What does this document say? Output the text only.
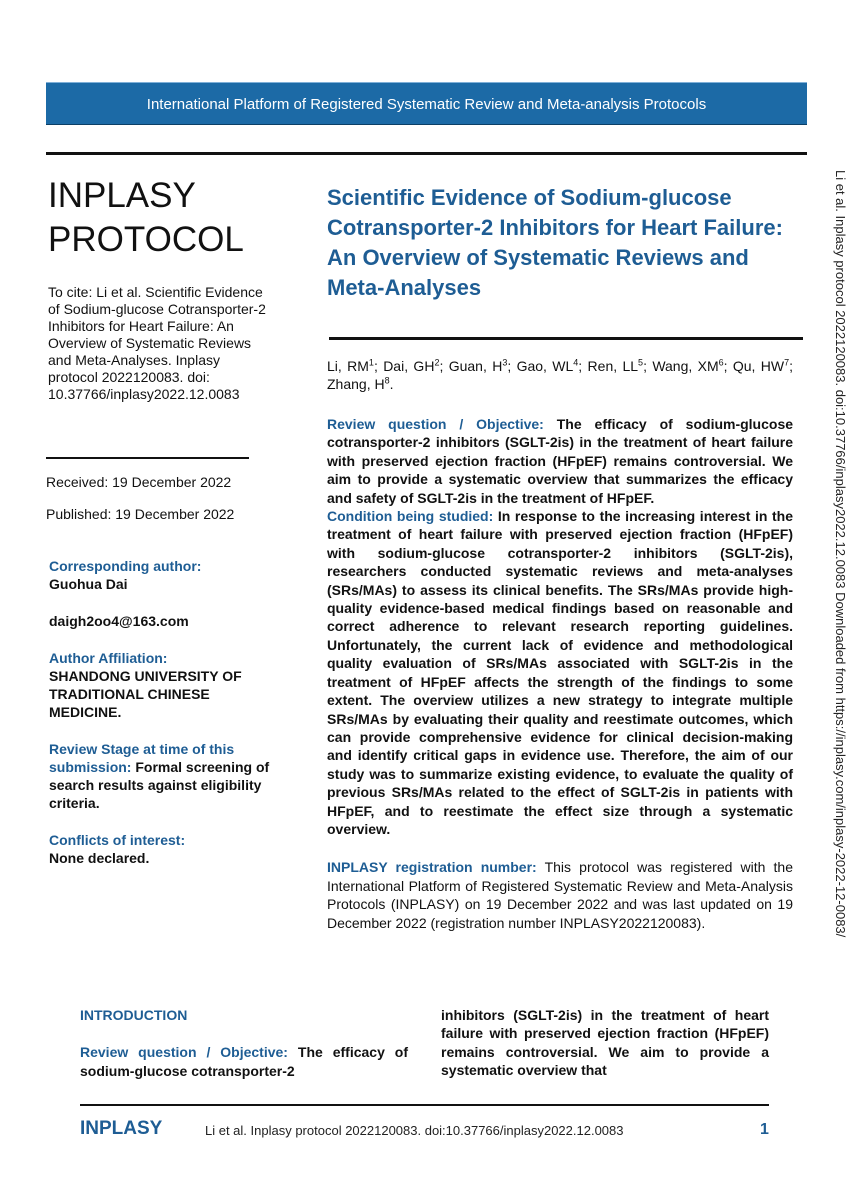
International Platform of Registered Systematic Review and Meta-analysis Protocols
INPLASY
PROTOCOL
To cite: Li et al. Scientific Evidence of Sodium-glucose Cotransporter-2 Inhibitors for Heart Failure: An Overview of Systematic Reviews and Meta-Analyses. Inplasy protocol 2022120083. doi: 10.37766/inplasy2022.12.0083
Received: 19 December 2022
Published: 19 December 2022
Corresponding author:
Guohua Dai
daigh2oo4@163.com
Author Affiliation:
SHANDONG UNIVERSITY OF TRADITIONAL CHINESE MEDICINE.
Review Stage at time of this submission: Formal screening of search results against eligibility criteria.
Conflicts of interest:
None declared.
Scientific Evidence of Sodium-glucose Cotransporter-2 Inhibitors for Heart Failure: An Overview of Systematic Reviews and Meta-Analyses
Li, $RM^1$; Dai, $GH^2$; Guan, $H^3$; Gao, $WL^4$; Ren, $LL^5$; Wang, $XM^6$; Qu, $HW^7$; Zhang, $H^8$.
Review question / Objective: The efficacy of sodium-glucose cotransporter-2 inhibitors (SGLT-2is) in the treatment of heart failure with preserved ejection fraction (HFpEF) remains controversial. We aim to provide a systematic overview that summarizes the efficacy and safety of SGLT-2is in the treatment of HFpEF.
Condition being studied: In response to the increasing interest in the treatment of heart failure with preserved ejection fraction (HFpEF) with sodium-glucose cotransporter-2 inhibitors (SGLT-2is), researchers conducted systematic reviews and meta-analyses (SRs/MAs) to assess its clinical benefits. The SRs/MAs provide high-quality evidence-based medical findings based on reasonable and correct adherence to relevant research reporting guidelines. Unfortunately, the current lack of evidence and methodological quality evaluation of SRs/MAs associated with SGLT-2is in the treatment of HFpEF affects the strength of the findings to some extent. The overview utilizes a new strategy to integrate multiple SRs/MAs by evaluating their quality and reestimate outcomes, which can provide comprehensive evidence for clinical decision-making and identify critical gaps in evidence use. Therefore, the aim of our study was to summarize existing evidence, to evaluate the quality of previous SRs/MAs related to the effect of SGLT-2is in patients with HFpEF, and to reestimate the effect size through a systematic overview.
INPLASY registration number: This protocol was registered with the International Platform of Registered Systematic Review and Meta-Analysis Protocols (INPLASY) on 19 December 2022 and was last updated on 19 December 2022 (registration number INPLASY2022120083).
INTRODUCTION
Review question / Objective: The efficacy of sodium-glucose cotransporter-2
inhibitors (SGLT-2is) in the treatment of heart failure with preserved ejection fraction (HFpEF) remains controversial. We aim to provide a systematic overview that
INPLASY	Li et al. Inplasy protocol 2022120083. doi:10.37766/inplasy2022.12.0083	1
Li et al. Inplasy protocol 2022120083. doi:10.37766/inplasy2022.12.0083 Downloaded from https://inplasy.com/inplasy-2022-12-0083/
